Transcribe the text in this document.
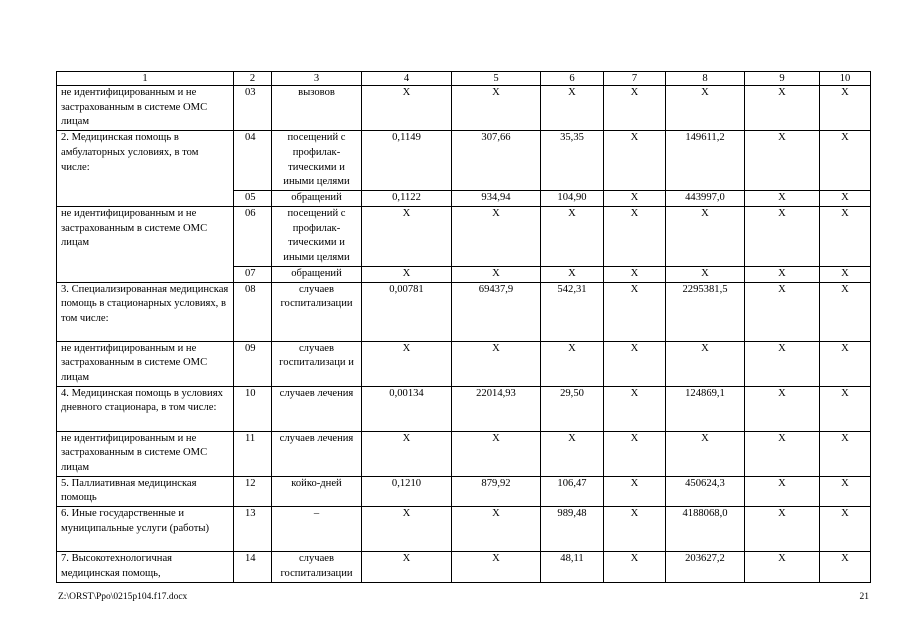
1	2	3	4	5	6	7	8	9	10
не идентифицированным и не застрахованным в системе ОМС лицам	03	вызовов	X	X	X	X	X	X	X
2. Медицинская помощь в амбулаторных условиях, в том числе:	04	посещений с профилак- тическими и иными целями	0,1149	307,66	35,35	X	149611,2	X	X
	05	обращений	0,1122	934,94	104,90	X	443997,0	X	X
не идентифицированным и не застрахованным в системе ОМС лицам	06	посещений с профилак- тическими и иными целями	X	X	X	X	X	X	X
	07	обращений	X	X	X	X	X	X	X
3. Специализированная медицинская помощь в стационарных условиях, в том числе:	08	случаев госпитализации	0,00781	69437,9	542,31	X	2295381,5	X	X
не идентифицированным и не застрахованным в системе ОМС лицам	09	случаев госпитализаци и	X	X	X	X	X	X	X
4. Медицинская помощь в условиях дневного стационара, в том числе:	10	случаев лечения	0,00134	22014,93	29,50	X	124869,1	X	X
не идентифицированным и не застрахованным в системе ОМС лицам	11	случаев лечения	X	X	X	X	X	X	X
5. Паллиативная медицинская помощь	12	койко-дней	0,1210	879,92	106,47	X	450624,3	X	X
6. Иные государственные и муниципальные услуги (работы)	13	–	X	X	989,48	X	4188068,0	X	X
7. Высокотехнологичная медицинская помощь,	14	случаев госпитализации	X	X	48,11	X	203627,2	X	X
Z:\ORST\Ppo\0215p104.f17.docx	21
